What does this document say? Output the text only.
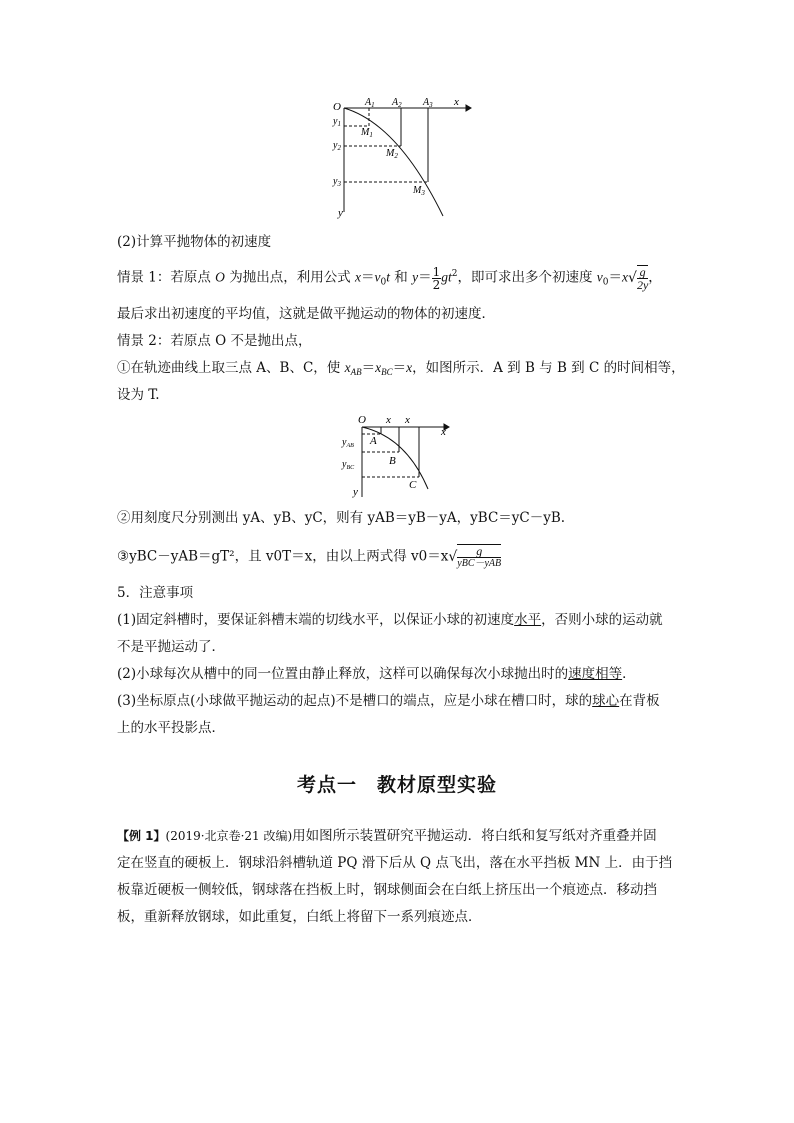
O	x
y
$A_1$ $A_2$ $A_3$
$y_1$
$y_2$
$y_3$
$M_1$
$M_2$
$M_3$
(2)计算平抛物体的初速度
情景 1：若原点 O 为抛出点，利用公式 $x=v_0t$ 和 $y= \frac{1}{2} gt^2$，即可求出多个初速度 $v_0=x√ \frac{g}{2y}$ ，
最后求出初速度的平均值，这就是做平抛运动的物体的初速度．
情景 2：若原点 O 不是抛出点，
①在轨迹曲线上取三点 A、B、C，使 $x_{AB}=x_{BC}=x$，如图所示．A 到 B 与 B 到 C 的时间相等，
设为 T.
O x x
x
y
A
B
C
$y_{AB}$
$y_{BC}$
②用刻度尺分别测出 yA、yB、yC，则有 yAB＝yB－yA，yBC＝yC－yB.
③yBC－yAB＝gT²，且 v0T＝x，由以上两式得 $v0=x√ \frac{g}{\text{yBC－yAB}}$
5．注意事项
(1)固定斜槽时，要保证斜槽末端的切线水平，以保证小球的初速度水平，否则小球的运动就
不是平抛运动了．
(2)小球每次从槽中的同一位置由静止释放，这样可以确保每次小球抛出时的速度相等．
(3)坐标原点(小球做平抛运动的起点)不是槽口的端点，应是小球在槽口时，球的球心在背板
上的水平投影点．
考点一　教材原型实验
【例 1】(2019·北京卷·21 改编)用如图所示装置研究平抛运动．将白纸和复写纸对齐重叠并固
定在竖直的硬板上．钢球沿斜槽轨道 PQ 滑下后从 Q 点飞出，落在水平挡板 MN 上．由于挡
板靠近硬板一侧较低，钢球落在挡板上时，钢球侧面会在白纸上挤压出一个痕迹点．移动挡
板，重新释放钢球，如此重复，白纸上将留下一系列痕迹点．
